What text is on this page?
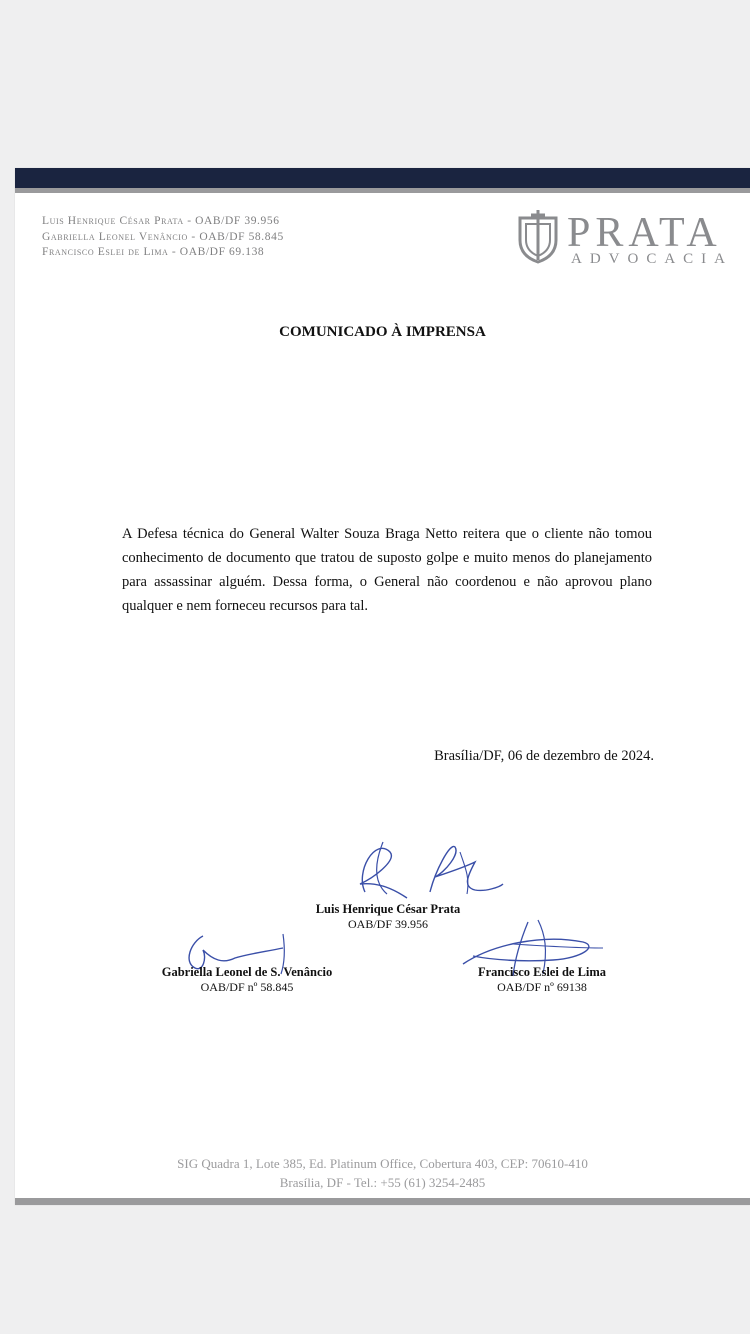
Luis Henrique César Prata - OAB/DF 39.956
Gabriella Leonel Venâncio - OAB/DF 58.845
Francisco Eslei de Lima - OAB/DF 69.138	PRATA
ADVOCACIA
COMUNICADO À IMPRENSA
A Defesa técnica do General Walter Souza Braga Netto reitera que o cliente não tomou conhecimento de documento que tratou de suposto golpe e muito menos do planejamento para assassinar alguém. Dessa forma, o General não coordenou e não aprovou plano qualquer e nem forneceu recursos para tal.
Brasília/DF, 06 de dezembro de 2024.
Luis Henrique César Prata
OAB/DF 39.956
Gabriella Leonel de S. Venâncio
OAB/DF nº 58.845
Francisco Eslei de Lima
OAB/DF nº 69138
SIG Quadra 1, Lote 385, Ed. Platinum Office, Cobertura 403, CEP: 70610-410
Brasília, DF - Tel.: +55 (61) 3254-2485
